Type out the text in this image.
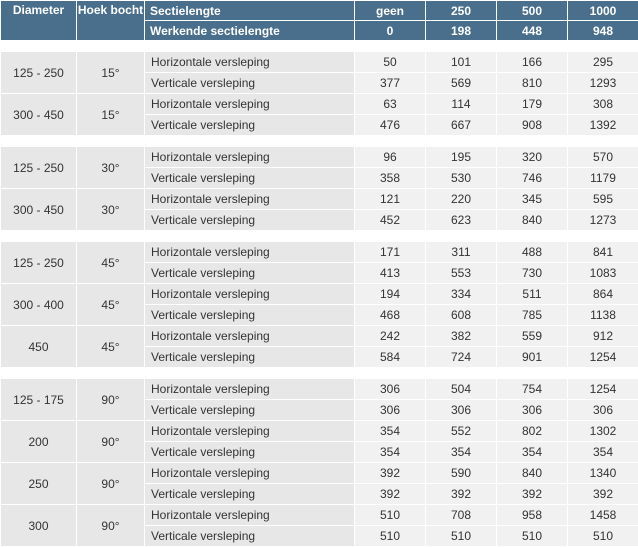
Diameter	Hoek bocht	Sectielengte	geen	250	500	1000
		Werkende sectielengte	0	198	448	948

125 - 250	15°	Horizontale versleping	50	101	166	295
		Verticale versleping	377	569	810	1293
300 - 450	15°	Horizontale versleping	63	114	179	308
		Verticale versleping	476	667	908	1392

125 - 250	30°	Horizontale versleping	96	195	320	570
		Verticale versleping	358	530	746	1179
300 - 450	30°	Horizontale versleping	121	220	345	595
		Verticale versleping	452	623	840	1273

125 - 250	45°	Horizontale versleping	171	311	488	841
		Verticale versleping	413	553	730	1083
300 - 400	45°	Horizontale versleping	194	334	511	864
		Verticale versleping	468	608	785	1138
450	45°	Horizontale versleping	242	382	559	912
		Verticale versleping	584	724	901	1254

125 - 175	90°	Horizontale versleping	306	504	754	1254
		Verticale versleping	306	306	306	306
200	90°	Horizontale versleping	354	552	802	1302
		Verticale versleping	354	354	354	354
250	90°	Horizontale versleping	392	590	840	1340
		Verticale versleping	392	392	392	392
300	90°	Horizontale versleping	510	708	958	1458
		Verticale versleping	510	510	510	510
